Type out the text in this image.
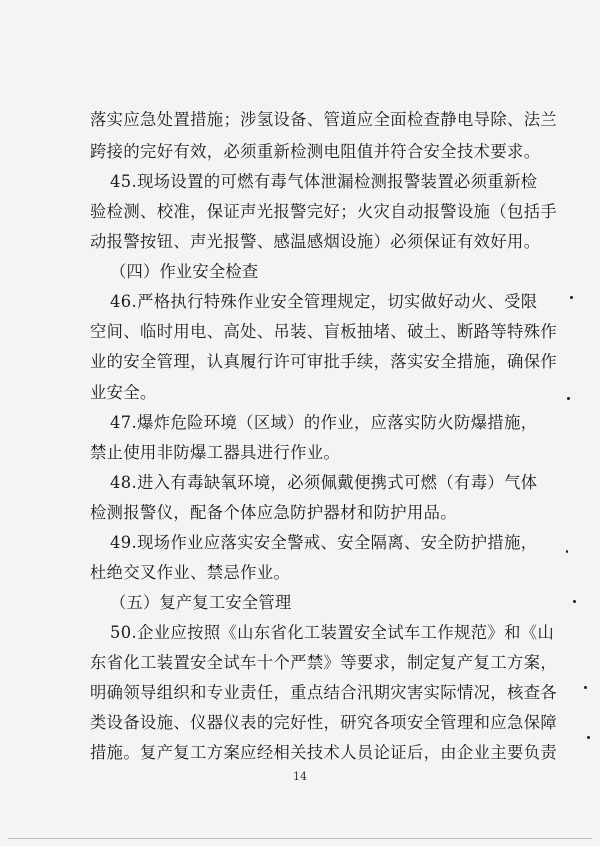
落实应急处置措施；涉氢设备、管道应全面检查静电导除、法兰
跨接的完好有效，必须重新检测电阻值并符合安全技术要求。
45.现场设置的可燃有毒气体泄漏检测报警装置必须重新检
验检测、校准，保证声光报警完好；火灾自动报警设施（包括手
动报警按钮、声光报警、感温感烟设施）必须保证有效好用。
（四）作业安全检查
46.严格执行特殊作业安全管理规定，切实做好动火、受限
空间、临时用电、高处、吊装、盲板抽堵、破土、断路等特殊作
业的安全管理，认真履行许可审批手续，落实安全措施，确保作
业安全。
47.爆炸危险环境（区域）的作业，应落实防火防爆措施，
禁止使用非防爆工器具进行作业。
48.进入有毒缺氧环境，必须佩戴便携式可燃（有毒）气体
检测报警仪，配备个体应急防护器材和防护用品。
49.现场作业应落实安全警戒、安全隔离、安全防护措施，
杜绝交叉作业、禁忌作业。
（五）复产复工安全管理
50.企业应按照《山东省化工装置安全试车工作规范》和《山
东省化工装置安全试车十个严禁》等要求，制定复产复工方案，
明确领导组织和专业责任，重点结合汛期灾害实际情况，核查各
类设备设施、仪器仪表的完好性，研究各项安全管理和应急保障
措施。复产复工方案应经相关技术人员论证后，由企业主要负责
14
